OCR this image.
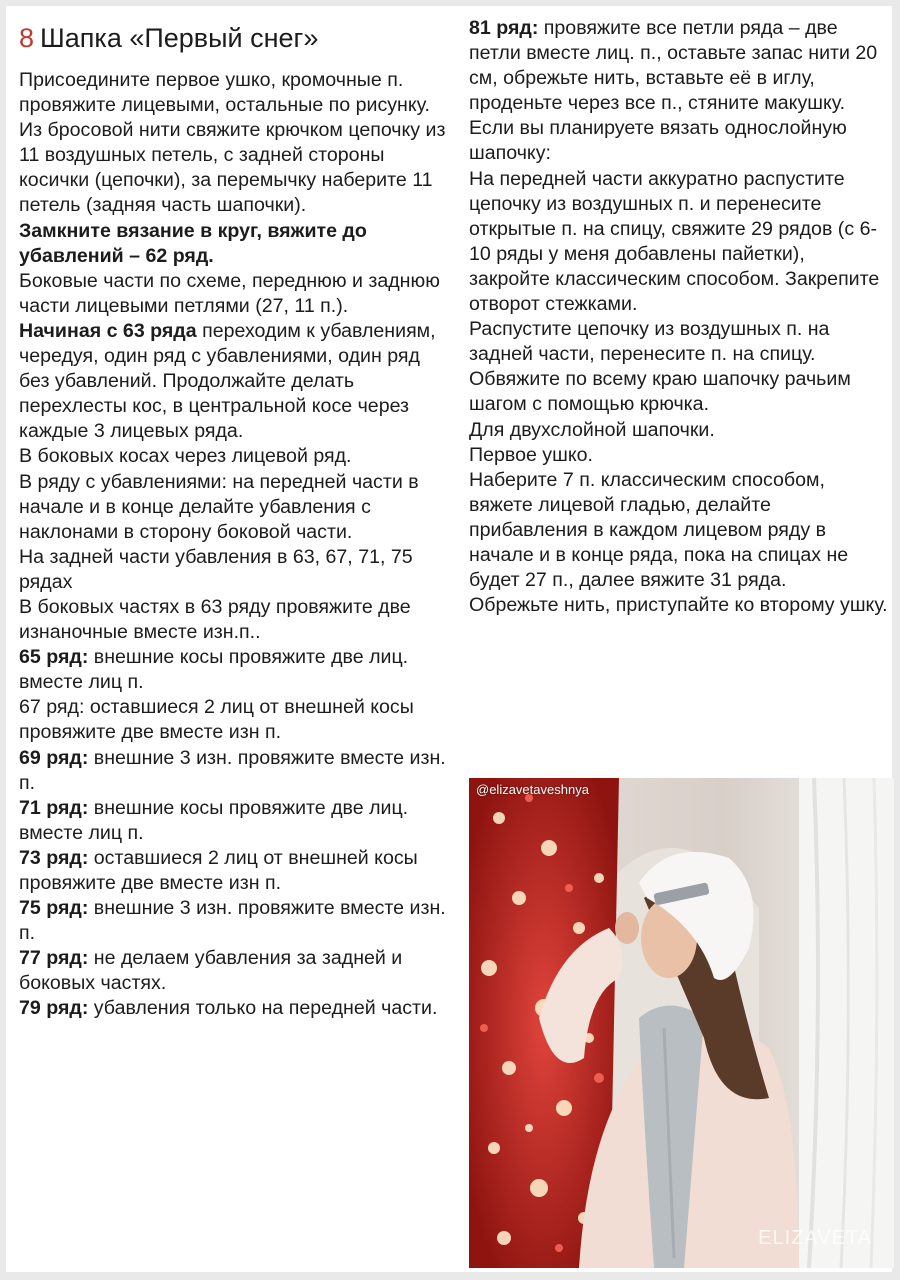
8 Шапка «Первый снег»

Присоедините первое ушко, кромочные п. провяжите лицевыми, остальные по рисунку.

Из бросовой нити свяжите крючком цепочку из 11 воздушных петель, с задней стороны косички (цепочки), за перемычку наберите 11 петель (задняя часть шапочки).

Замкните вязание в круг, вяжите до убавлений – 62 ряд.

Боковые части по схеме, переднюю и заднюю части лицевыми петлями (27, 11 п.).

Начиная с 63 ряда переходим к убавлениям, чередуя, один ряд с убавлениями, один ряд без убавлений. Продолжайте делать перехлесты кос, в центральной косе через каждые 3 лицевых ряда.

В боковых косах через лицевой ряд.

В ряду с убавлениями: на передней части в начале и в конце делайте убавления с наклонами в сторону боковой части.

На задней части убавления в 63, 67, 71, 75 рядах

В боковых частях в 63 ряду провяжите две изнаночные вместе изн.п..

65 ряд: внешние косы провяжите две лиц. вместе лиц п.

67 ряд: оставшиеся 2 лиц от внешней косы провяжите две вместе изн п.

69 ряд: внешние 3 изн. провяжите вместе изн. п.

71 ряд: внешние косы провяжите две лиц. вместе лиц п.

73 ряд: оставшиеся 2 лиц от внешней косы провяжите две вместе изн п.

75 ряд: внешние 3 изн. провяжите вместе изн. п.

77 ряд: не делаем убавления за задней и боковых частях.

79 ряд: убавления только на передней части.

81 ряд: провяжите все петли ряда – две петли вместе лиц. п., оставьте запас нити 20 см, обрежьте нить, вставьте её в иглу, проденьте через все п., стяните макушку.

Если вы планируете вязать однослойную шапочку:

На передней части аккуратно распустите цепочку из воздушных п. и перенесите открытые п. на спицу, свяжите 29 рядов (с 6-10 ряды у меня добавлены пайетки), закройте классическим способом. Закрепите отворот стежками.

Распустите цепочку из воздушных п. на задней части, перенесите п. на спицу. Обвяжите по всему краю шапочку рачьим шагом с помощью крючка.

Для двухслойной шапочки.

Первое ушко.

Наберите 7 п. классическим способом, вяжете лицевой гладью, делайте прибавления в каждом лицевом ряду в начале и в конце ряда, пока на спицах не будет 27 п., далее вяжите 31 ряда.

Обрежьте нить, приступайте ко второму ушку.

@elizavetaveshnya
ELIZAVETA
